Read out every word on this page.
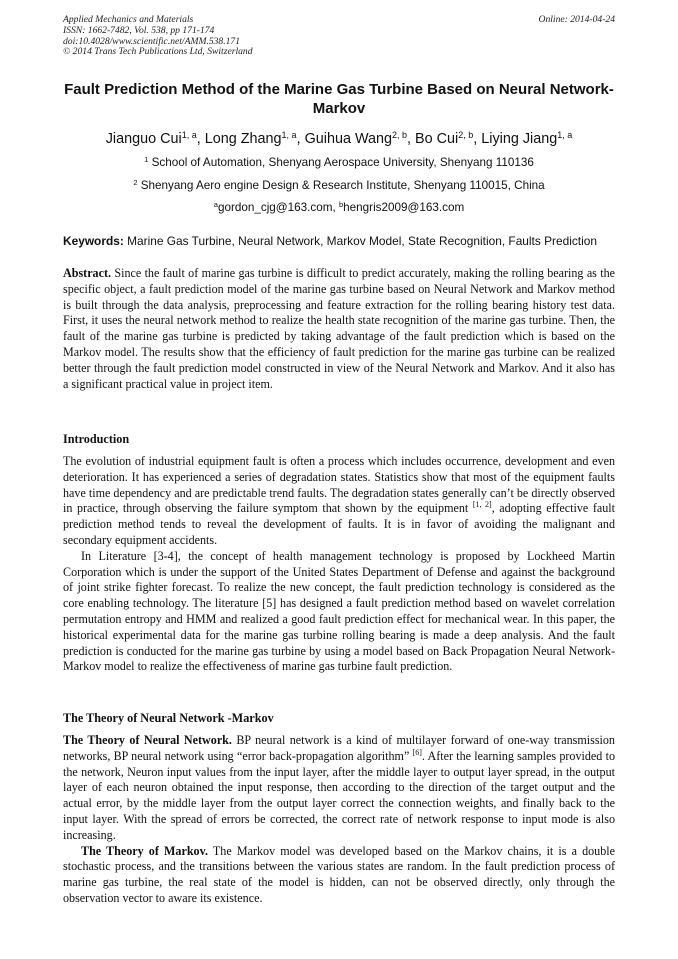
Applied Mechanics and Materials
ISSN: 1662-7482, Vol. 538, pp 171-174
doi:10.4028/www.scientific.net/AMM.538.171
© 2014 Trans Tech Publications Ltd, Switzerland
Online: 2014-04-24
Fault Prediction Method of the Marine Gas Turbine Based on Neural Network-Markov
Jianguo Cui$^{1, a}$, Long Zhang$^{1, a}$, Guihua Wang$^{2, b}$, Bo Cui$^{2, b}$, Liying Jiang$^{1, a}$
$^1$ School of Automation, Shenyang Aerospace University, Shenyang 110136
$^2$ Shenyang Aero engine Design & Research Institute, Shenyang 110015, China
$^a$gordon_cjg@163.com, $^b$hengris2009@163.com
Keywords: Marine Gas Turbine, Neural Network, Markov Model, State Recognition, Faults Prediction

Abstract. Since the fault of marine gas turbine is difficult to predict accurately, making the rolling bearing as the specific object, a fault prediction model of the marine gas turbine based on Neural Network and Markov method is built through the data analysis, preprocessing and feature extraction for the rolling bearing history test data. First, it uses the neural network method to realize the health state recognition of the marine gas turbine. Then, the fault of the marine gas turbine is predicted by taking advantage of the fault prediction which is based on the Markov model. The results show that the efficiency of fault prediction for the marine gas turbine can be realized better through the fault prediction model constructed in view of the Neural Network and Markov. And it also has a significant practical value in project item.

Introduction

The evolution of industrial equipment fault is often a process which includes occurrence, development and even deterioration. It has experienced a series of degradation states. Statistics show that most of the equipment faults have time dependency and are predictable trend faults. The degradation states generally can’t be directly observed in practice, through observing the failure symptom that shown by the equipment [1, 2], adopting effective fault prediction method tends to reveal the development of faults. It is in favor of avoiding the malignant and secondary equipment accidents.

In Literature [3-4], the concept of health management technology is proposed by Lockheed Martin Corporation which is under the support of the United States Department of Defense and against the background of joint strike fighter forecast. To realize the new concept, the fault prediction technology is considered as the core enabling technology. The literature [5] has designed a fault prediction method based on wavelet correlation permutation entropy and HMM and realized a good fault prediction effect for mechanical wear. In this paper, the historical experimental data for the marine gas turbine rolling bearing is made a deep analysis. And the fault prediction is conducted for the marine gas turbine by using a model based on Back Propagation Neural Network-Markov model to realize the effectiveness of marine gas turbine fault prediction.

The Theory of Neural Network -Markov

The Theory of Neural Network. BP neural network is a kind of multilayer forward of one-way transmission networks, BP neural network using “error back-propagation algorithm” [6]. After the learning samples provided to the network, Neuron input values from the input layer, after the middle layer to output layer spread, in the output layer of each neuron obtained the input response, then according to the direction of the target output and the actual error, by the middle layer from the output layer correct the connection weights, and finally back to the input layer. With the spread of errors be corrected, the correct rate of network response to input mode is also increasing.

The Theory of Markov. The Markov model was developed based on the Markov chains, it is a double stochastic process, and the transitions between the various states are random. In the fault prediction process of marine gas turbine, the real state of the model is hidden, can not be observed directly, only through the observation vector to aware its existence.
